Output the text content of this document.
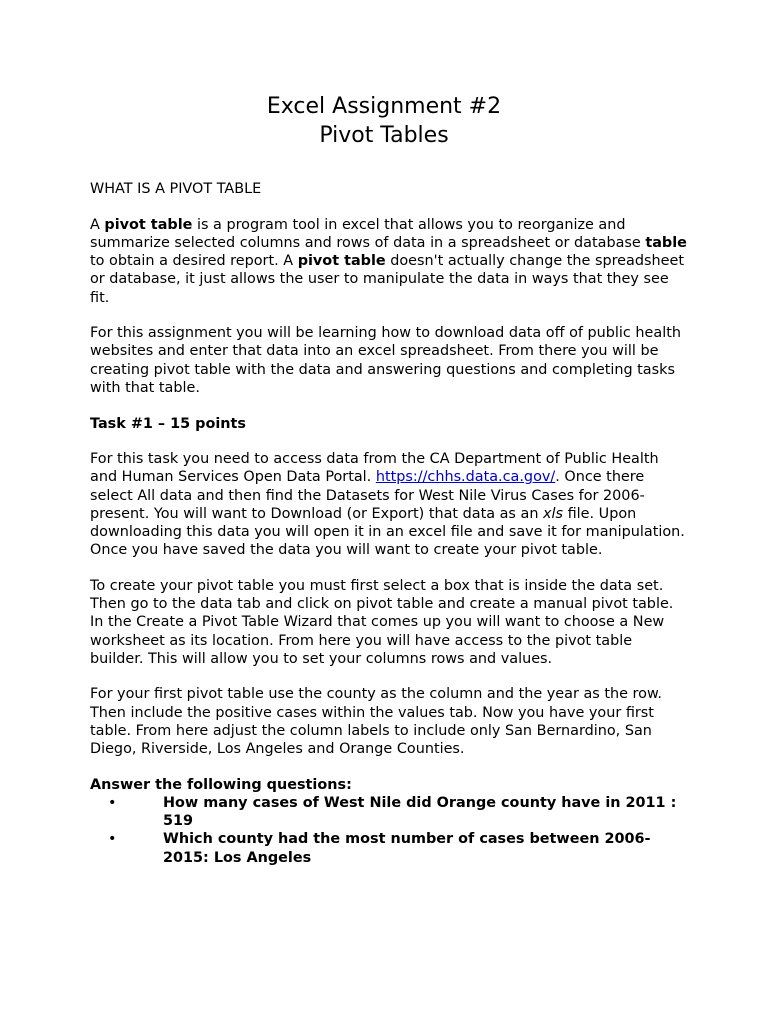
Excel Assignment #2
Pivot Tables

WHAT IS A PIVOT TABLE

A pivot table is a program tool in excel that allows you to reorganize and summarize selected columns and rows of data in a spreadsheet or database table to obtain a desired report. A pivot table doesn't actually change the spreadsheet or database, it just allows the user to manipulate the data in ways that they see fit.

For this assignment you will be learning how to download data off of public health websites and enter that data into an excel spreadsheet. From there you will be creating pivot table with the data and answering questions and completing tasks with that table.

Task #1 – 15 points

For this task you need to access data from the CA Department of Public Health and Human Services Open Data Portal. https://chhs.data.ca.gov/. Once there select All data and then find the Datasets for West Nile Virus Cases for 2006-present. You will want to Download (or Export) that data as an xls file. Upon downloading this data you will open it in an excel file and save it for manipulation. Once you have saved the data you will want to create your pivot table.

To create your pivot table you must first select a box that is inside the data set. Then go to the data tab and click on pivot table and create a manual pivot table. In the Create a Pivot Table Wizard that comes up you will want to choose a New worksheet as its location. From here you will have access to the pivot table builder. This will allow you to set your columns rows and values.

For your first pivot table use the county as the column and the year as the row. Then include the positive cases within the values tab. Now you have your first table. From here adjust the column labels to include only San Bernardino, San Diego, Riverside, Los Angeles and Orange Counties.

Answer the following questions:

•	How many cases of West Nile did Orange county have in 2011 : 519
•	Which county had the most number of cases between 2006-2015: Los Angeles
